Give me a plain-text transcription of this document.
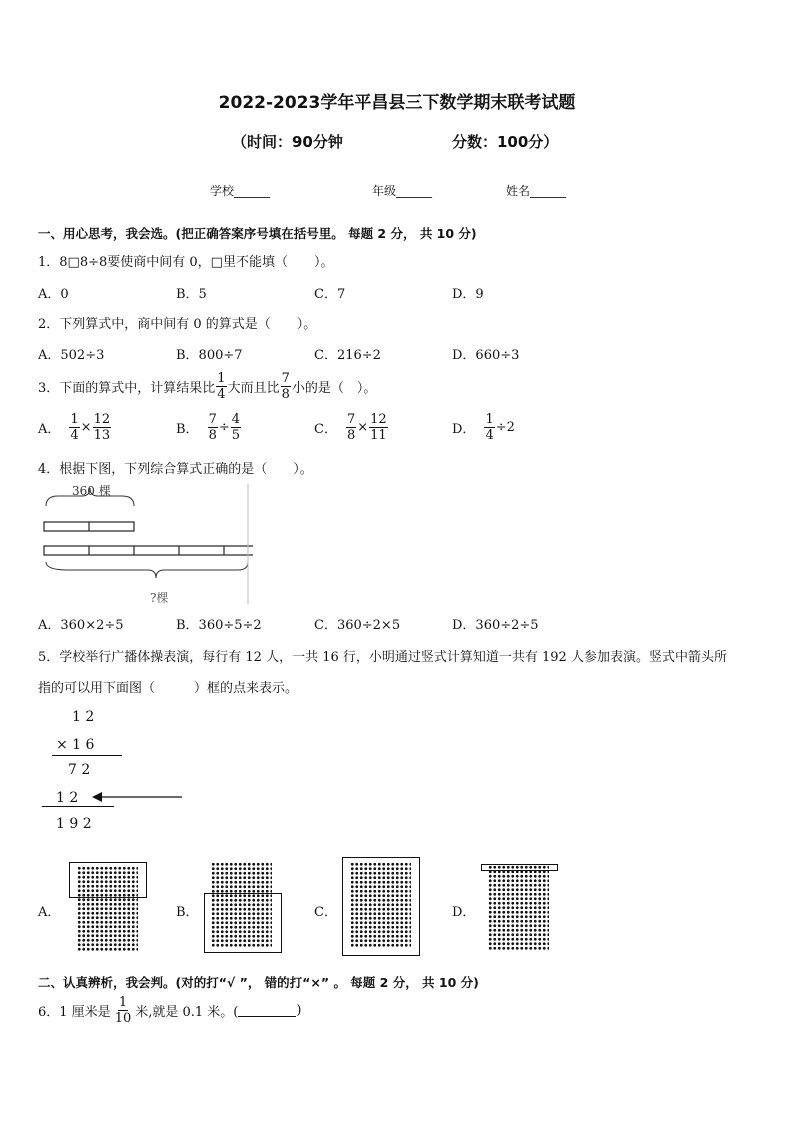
2022-2023学年平昌县三下数学期末联考试题
（时间：90分钟	分数：100分）
学校______	年级______	姓名______
一、用心思考，我会选。(把正确答案序号填在括号里。 每题 2 分， 共 10 分)
1．8□8÷8要使商中间有 0，□里不能填（　　）。
A．0	B．5	C．7	D．9
2．下列算式中，商中间有 0 的算式是（　　）。
A．502÷3	B．800÷7	C．216÷2	D．660÷3
3．下面的算式中，计算结果比 $\frac{1}{4}$ 大而且比 $\frac{7}{8}$ 小的是（　）。
A． $\frac{1}{4} \times \frac{12}{13}$	B． $\frac{7}{8} \div \frac{4}{5}$	C． $\frac{7}{8} \times \frac{12}{11}$	D． $\frac{1}{4} \div 2$
4．根据下图，下列综合算式正确的是（　　）。
360 棵
?棵
A．360×2÷5	B．360÷5÷2	C．360÷2×5	D．360÷2÷5
5．学校举行广播体操表演，每行有 12 人，一共 16 行，小明通过竖式计算知道一共有 192 人参加表演。竖式中箭头所
指的可以用下面图（　　　）框的点来表示。
1 2
× 1 6
7 2
1 2
1 9 2
A．	B．	C．	D．
二、认真辨析，我会判。(对的打“√ ”， 错的打“×” 。 每题 2 分， 共 10 分)
6．1 厘米是 $\frac{1}{10}$ 米,就是 0.1 米。(	)
